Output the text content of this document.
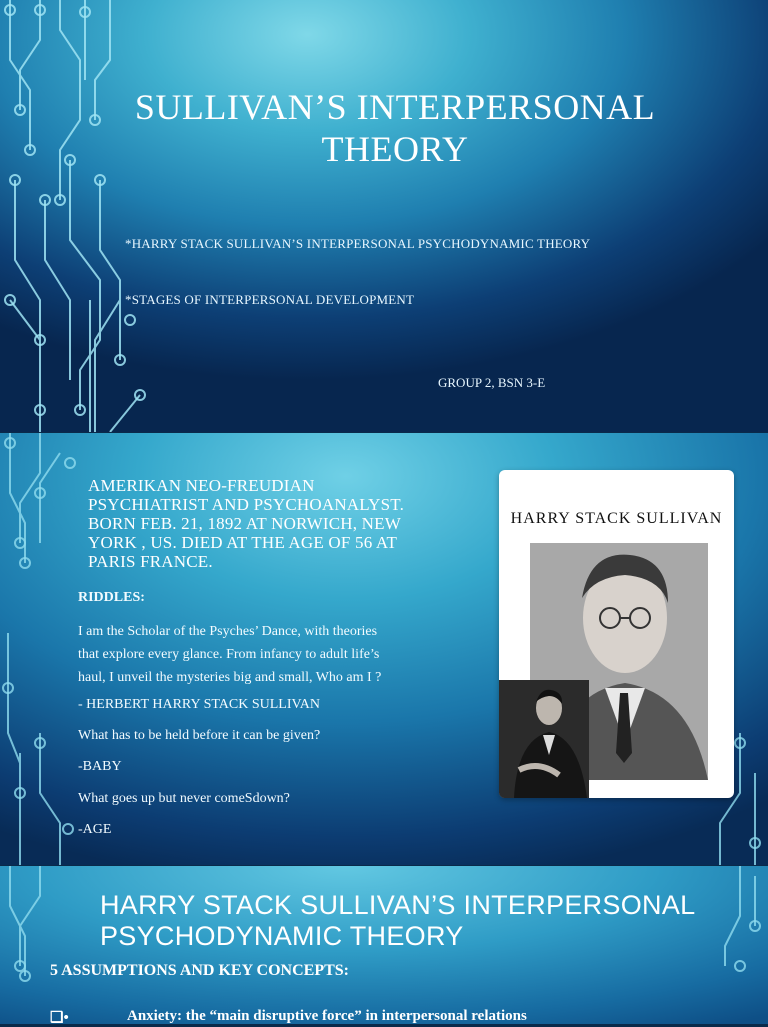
SULLIVAN’S INTERPERSONAL
THEORY
*HARRY STACK SULLIVAN’S INTERPERSONAL PSYCHODYNAMIC THEORY
*STAGES OF INTERPERSONAL DEVELOPMENT
GROUP 2, BSN 3-E
AMERIKAN NEO-FREUDIAN
PSYCHIATRIST AND PSYCHOANALYST.
BORN FEB. 21, 1892 AT NORWICH, NEW
YORK , US. DIED AT THE AGE OF 56 AT
PARIS FRANCE.
RIDDLES:
I am the Scholar of the Psyches’ Dance, with theories
that explore every glance. From infancy to adult life’s
haul, I unveil the mysteries big and small, Who am I ?
- HERBERT HARRY STACK SULLIVAN
What has to be held before it can be given?
-BABY
What goes up but never comeSdown?
-AGE
HARRY STACK SULLIVAN
HARRY STACK SULLIVAN’S INTERPERSONAL
PSYCHODYNAMIC THEORY
5 ASSUMPTIONS AND KEY CONCEPTS:
❑•	Anxiety: the “main disruptive force” in interpersonal relations
